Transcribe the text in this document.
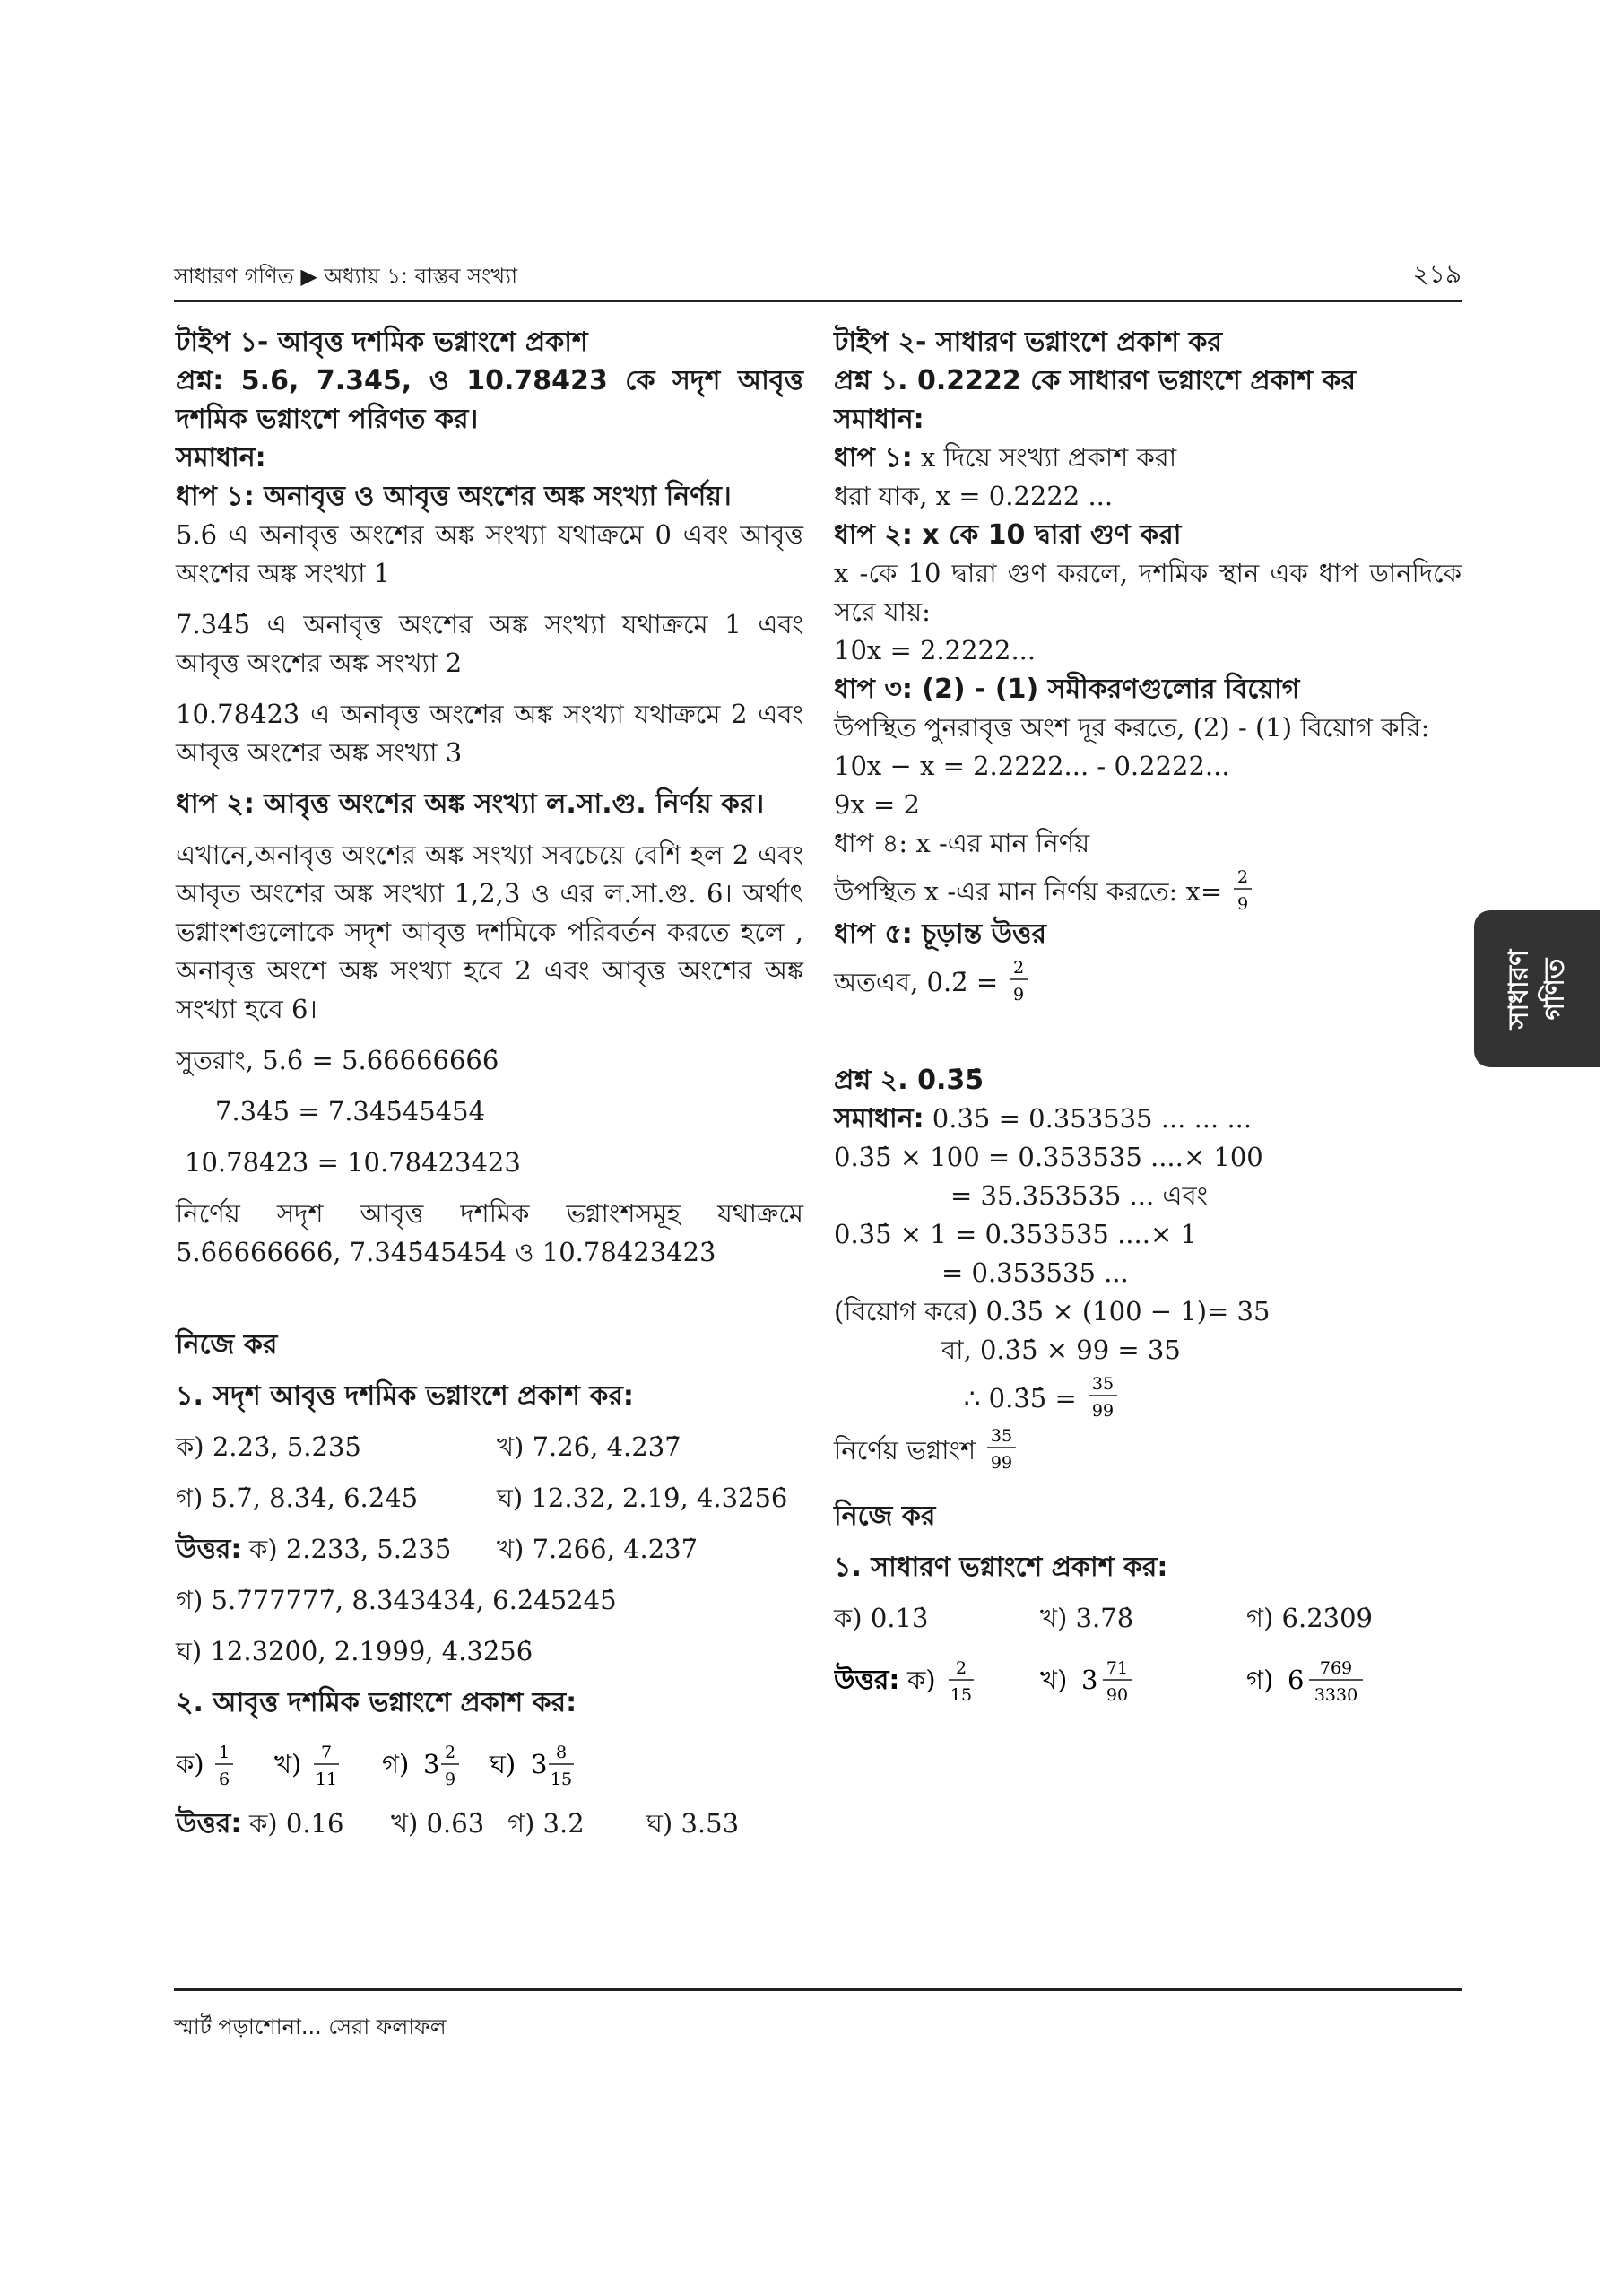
সাধারণ গণিত ▶ অধ্যায় ১: বাস্তব সংখ্যা	২১৯
সাধারণ
গণিত
টাইপ ১- আবৃত্ত দশমিক ভগ্নাংশে প্রকাশ
প্রশ্ন: 5.6̇, 7.34̇5̇, ও 10.784̇23̇ কে সদৃশ আবৃত্ত দশমিক ভগ্নাংশে পরিণত কর।
সমাধান:
ধাপ ১: অনাবৃত্ত ও আবৃত্ত অংশের অঙ্ক সংখ্যা নির্ণয়।
5.6̇ এ অনাবৃত্ত অংশের অঙ্ক সংখ্যা যথাক্রমে 0 এবং আবৃত্ত অংশের অঙ্ক সংখ্যা 1
7.34̇5̇ এ অনাবৃত্ত অংশের অঙ্ক সংখ্যা যথাক্রমে 1 এবং আবৃত্ত অংশের অঙ্ক সংখ্যা 2
10.784̇23̇ এ অনাবৃত্ত অংশের অঙ্ক সংখ্যা যথাক্রমে 2 এবং আবৃত্ত অংশের অঙ্ক সংখ্যা 3
ধাপ ২: আবৃত্ত অংশের অঙ্ক সংখ্যা ল.সা.গু. নির্ণয় কর।
এখানে,অনাবৃত্ত অংশের অঙ্ক সংখ্যা সবচেয়ে বেশি হল 2 এবং আবৃত অংশের অঙ্ক সংখ্যা 1,2,3 ও এর ল.সা.গু. 6। অর্থাৎ ভগ্নাংশগুলোকে সদৃশ আবৃত্ত দশমিকে পরিবর্তন করতে হলে , অনাবৃত্ত অংশে অঙ্ক সংখ্যা হবে 2 এবং আবৃত্ত অংশের অঙ্ক সংখ্যা হবে 6।
সুতরাং, 5.6̇ = 5.6666666̇6̇
7.34̇5̇ = 7.345̇45454̇
10.784̇23̇ = 10.784̇23423̇
নির্ণেয় সদৃশ আবৃত্ত দশমিক ভগ্নাংশসমূহ যথাক্রমে 5.6̇6666666̇, 7.345̇45454̇ ও 10.784̇23423̇
নিজে কর
১. সদৃশ আবৃত্ত দশমিক ভগ্নাংশে প্রকাশ কর:
ক) 2.23̇, 5.2̇35̇	খ) 7.26̇, 4.23̇7̇

গ) 5.7̇, 8.3̇4̇, 6.2̇45̇	ঘ) 12.32, 2.19̇, 4.32̇56̇

উত্তর: ক) 2.233̇, 5.2̇35̇ খ) 7.266̇, 4.23̇7̇
গ) 5.7̇77777̇, 8.3̇43434̇, 6.2̇45245̇
ঘ) 12.320̇0̇, 2.199̇9̇, 4.32̇56̇
২. আবৃত্ত দশমিক ভগ্নাংশে প্রকাশ কর:
ক) 1
6 খ) 7
11 গ) 3 2
9 ঘ) 3 8
15
উত্তর: ক) 0.16̇ খ) 0.6̇3̇ গ) 3.2̇ ঘ) 3.53̇
টাইপ ২- সাধারণ ভগ্নাংশে প্রকাশ কর
প্রশ্ন ১. 0.2222 কে সাধারণ ভগ্নাংশে প্রকাশ কর
সমাধান:
ধাপ ১: x দিয়ে সংখ্যা প্রকাশ করা
ধরা যাক, x = 0.2222 ...
ধাপ ২: x কে 10 দ্বারা গুণ করা
x -কে 10 দ্বারা গুণ করলে, দশমিক স্থান এক ধাপ ডানদিকে সরে যায়:
10x = 2.2222...
ধাপ ৩: (2) - (1) সমীকরণগুলোর বিয়োগ
উপস্থিত পুনরাবৃত্ত অংশ দূর করতে, (2) - (1) বিয়োগ করি:
10x − x = 2.2222... - 0.2222...
9x = 2
ধাপ ৪: x -এর মান নির্ণয়
উপস্থিত x -এর মান নির্ণয় করতে: x= 2
9
ধাপ ৫: চূড়ান্ত উত্তর
অতএব, 0.2̄ = 2
9
প্রশ্ন ২. 0.3̇5̇
সমাধান: 0.3̇5̇ = 0.353535 ... ... ...
0.3̇5̇ × 100 = 0.353535 ....× 100
= 35.353535 ... এবং
0.3̇5̇ × 1 = 0.353535 ....× 1
= 0.353535 ...
(বিয়োগ করে) 0.3̇5̇ × (100 − 1)= 35
বা, 0.3̇5̇ × 99 = 35
∴ 0.3̇5̇ = 35
99
নির্ণেয় ভগ্নাংশ 35
99
নিজে কর
১. সাধারণ ভগ্নাংশে প্রকাশ কর:
ক) 0.13̇	খ) 3.78̇	গ) 6.23̇09̇

উত্তর: ক) 2
15	খ) 3 71
90	গ) 6 769
3330
স্মার্ট পড়াশোনা... সেরা ফলাফল
